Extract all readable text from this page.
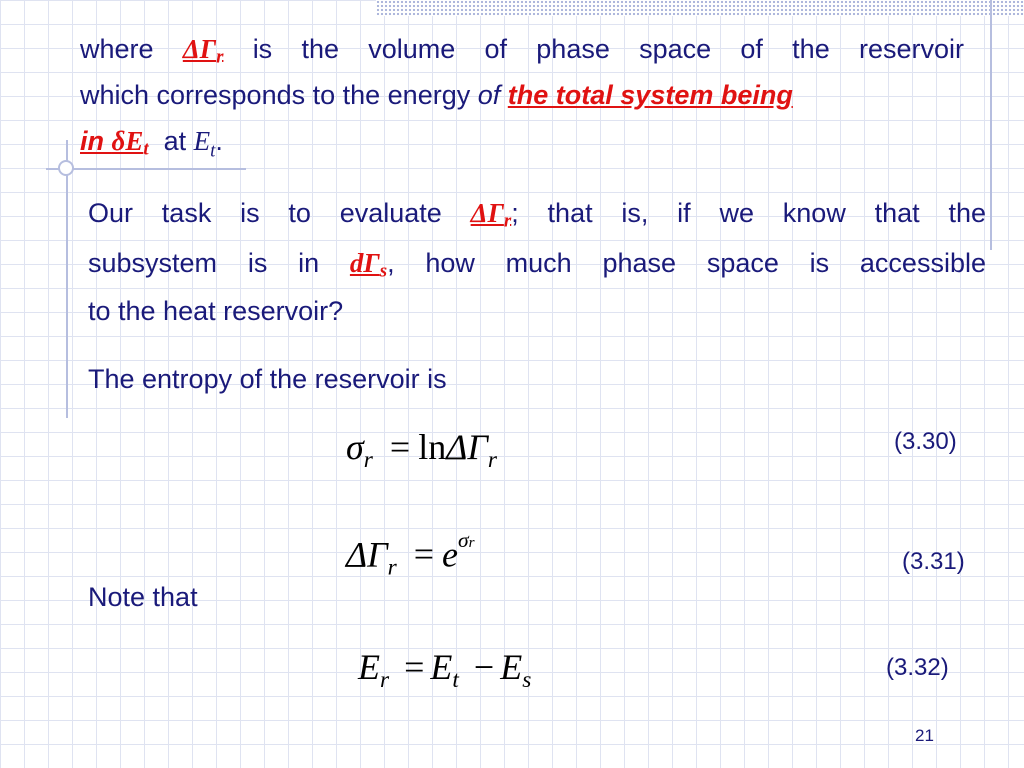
where $\Delta\Gamma_r$ is the volume of phase space of the reservoir
which corresponds to the energy of the total system being
in $\delta E_t$ at $E_t$.
Our task is to evaluate $\Delta\Gamma_r$; that is, if we know that the
subsystem is in $d\Gamma_s$, how much phase space is accessible
to the heat reservoir?
The entropy of the reservoir is
$\sigma_r = \ln\Delta\Gamma_r$
(3.30)
$\Delta\Gamma_r = e^{\sigma r}$
(3.31)
Note that
$E_r = E_t - E_s$	(3.32)
21
